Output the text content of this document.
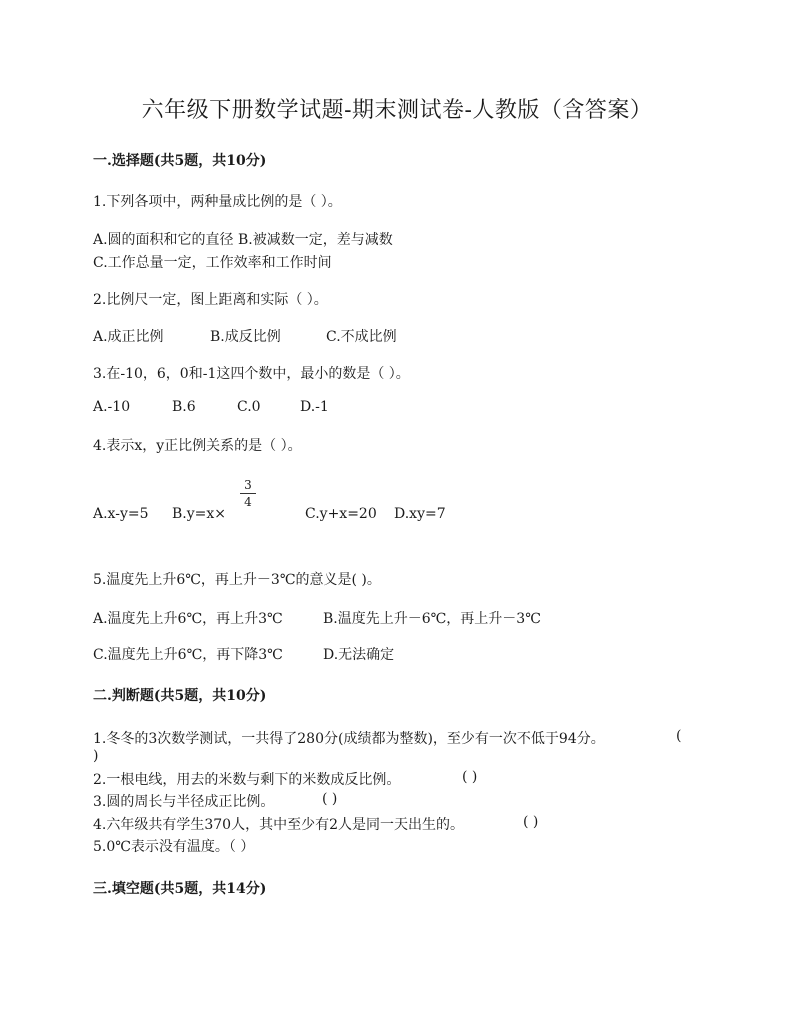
六年级下册数学试题-期末测试卷-人教版（含答案）
一.选择题(共5题，共10分)
1.下列各项中，两种量成比例的是（ ）。
A.圆的面积和它的直径 B.被减数一定，差与减数
C.工作总量一定，工作效率和工作时间
2.比例尺一定，图上距离和实际（ ）。
A.成正比例	B.成反比例	C.不成比例
3.在-10，6，0和-1这四个数中，最小的数是（ ）。
A.-10	B.6	C.0	D.-1
4.表示x，y正比例关系的是（ ）。
A.x-y=5 B.y=x×
3
4
C.y+x=20 D.xy=7
5.温度先上升6℃，再上升－3℃的意义是( )。
A.温度先上升6℃，再上升3℃	B.温度先上升－6℃，再上升－3℃
C.温度先上升6℃，再下降3℃	D.无法确定
二.判断题(共5题，共10分)
1.冬冬的3次数学测试，一共得了280分(成绩都为整数)，至少有一次不低于94分。	(
)
2.一根电线，用去的米数与剩下的米数成反比例。	( )
3.圆的周长与半径成正比例。	( )
4.六年级共有学生370人，其中至少有2人是同一天出生的。	( )
5.0℃表示没有温度。（ ）
三.填空题(共5题，共14分)
